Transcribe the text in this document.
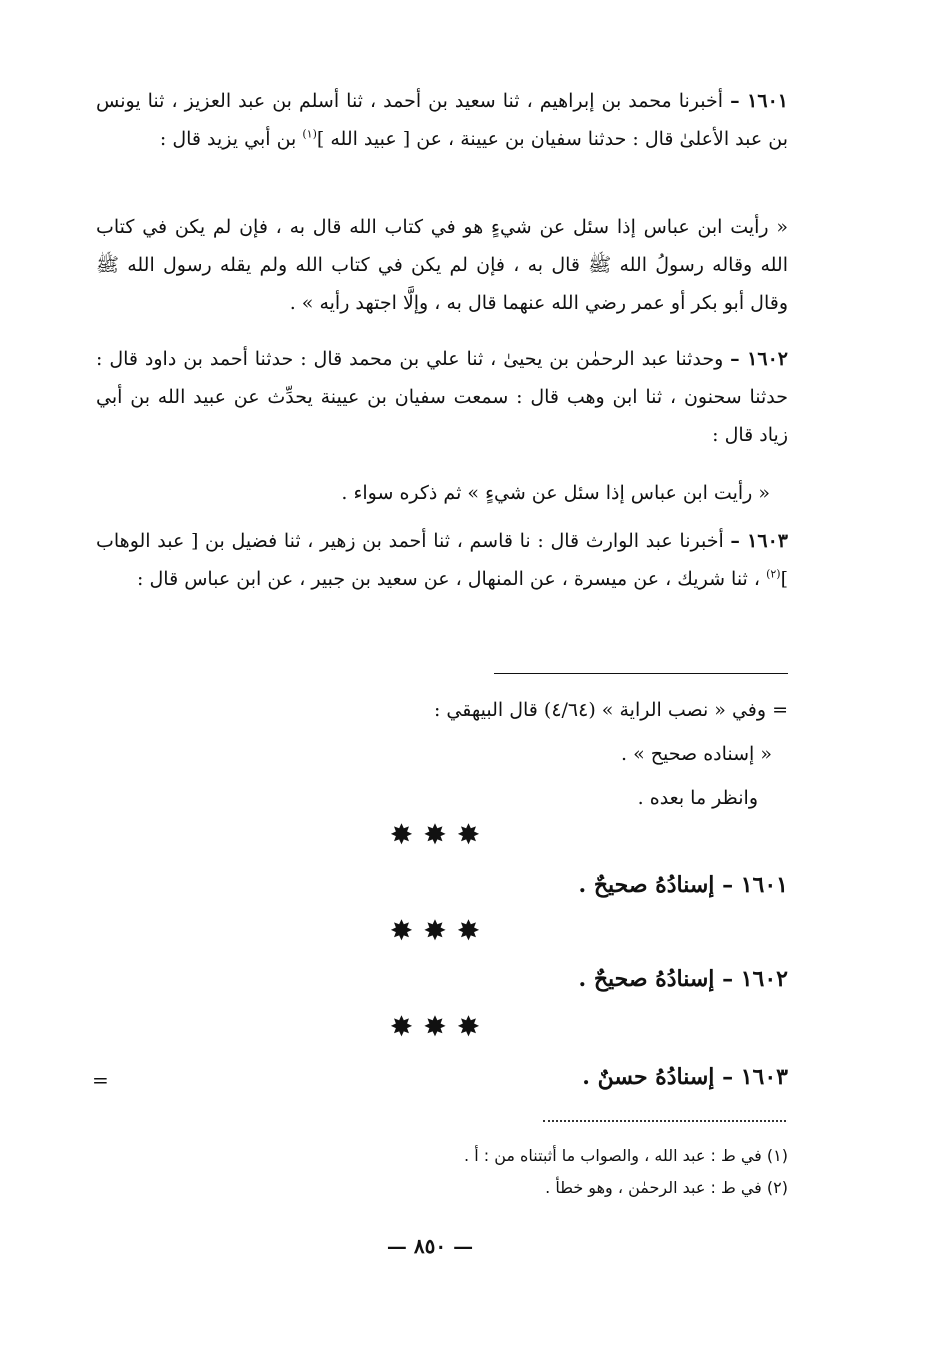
١٦٠١ – أخبرنا محمد بن إبراهيم ، ثنا سعيد بن أحمد ، ثنا أسلم بن عبد العزيز ، ثنا يونس بن عبد الأعلىٰ قال : حدثنا سفيان بن عيينة ، عن [ عبيد الله ]$^{(١)}$ بن أبي يزيد قال :

« رأيت ابن عباس إذا سئل عن شيءٍ هو في كتاب الله قال به ، فإن لم يكن في كتاب الله وقاله رسولُ الله ﷺ قال به ، فإن لم يكن في كتاب الله ولم يقله رسول الله ﷺ وقال أبو بكر أو عمر رضي الله عنهما قال به ، وإلَّا اجتهد رأيه » .

١٦٠٢ – وحدثنا عبد الرحمٰن بن يحيىٰ ، ثنا علي بن محمد قال : حدثنا أحمد بن داود قال : حدثنا سحنون ، ثنا ابن وهب قال : سمعت سفيان بن عيينة يحدِّث عن عبيد الله بن أبي زياد قال :

« رأيت ابن عباس إذا سئل عن شيءٍ » ثم ذكره سواء .

١٦٠٣ – أخبرنا عبد الوارث قال : نا قاسم ، ثنا أحمد بن زهير ، ثنا فضيل بن [ عبد الوهاب ]$^{(٢)}$ ، ثنا شريك ، عن ميسرة ، عن المنهال ، عن سعيد بن جبير ، عن ابن عباس قال :

= وفي « نصب الراية » (٤/٦٤) قال البيهقي :

« إسناده صحيح » .

وانظر ما بعده .

✸✸✸
١٦٠١ – إسنادُهُ صحيحٌ .
✸✸✸
١٦٠٢ – إسنادُهُ صحيحٌ .
✸✸✸
١٦٠٣ – إسنادُهُ حسنٌ .
=

(١) في ط : عبد الله ، والصواب ما أثبتناه من : أ .

(٢) في ط : عبد الرحمٰن ، وهو خطأ .

— ٨٥٠ —
